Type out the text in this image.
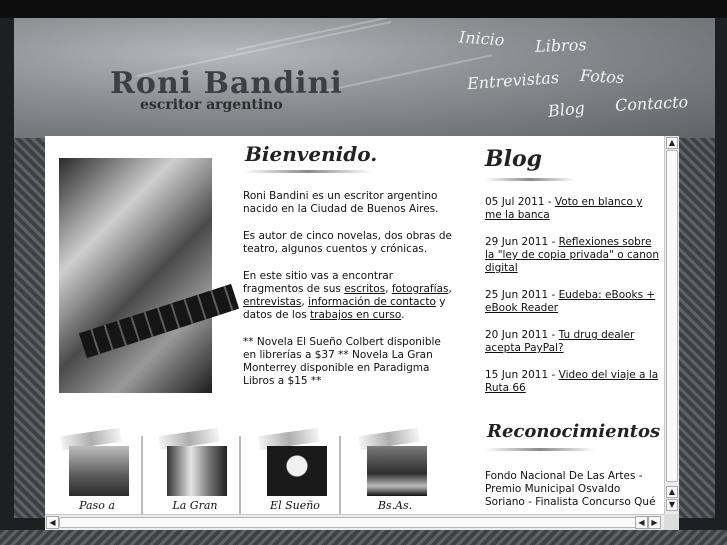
Roni Bandini
escritor argentino
Inicio Libros
Entrevistas Fotos
Blog Contacto
Bienvenido.

Roni Bandini es un escritor argentino nacido en la Ciudad de Buenos Aires.

Es autor de cinco novelas, dos obras de teatro, algunos cuentos y crónicas.

En este sitio vas a encontrar fragmentos de sus escritos, fotografías, entrevistas, información de contacto y datos de los trabajos en curso.

** Novela El Sueño Colbert disponible en librerías a $37 ** Novela La Gran Monterrey disponible en Paradigma Libros a $15 **

Blog
05 Jul 2011 - Voto en blanco y me la banca
29 Jun 2011 - Reflexiones sobre la "ley de copia privada" o canon digital
25 Jun 2011 - Eudeba: eBooks + eBook Reader
20 Jun 2011 - Tu drug dealer acepta PayPal?
15 Jun 2011 - Video del viaje a la Ruta 66
Reconocimientos
Fondo Nacional De Las Artes - Premio Municipal Osvaldo Soriano - Finalista Concurso Qué
Paso a	La Gran	El Sueño	Bs.As.
▲
▲
▼
◀	◀ ▶
